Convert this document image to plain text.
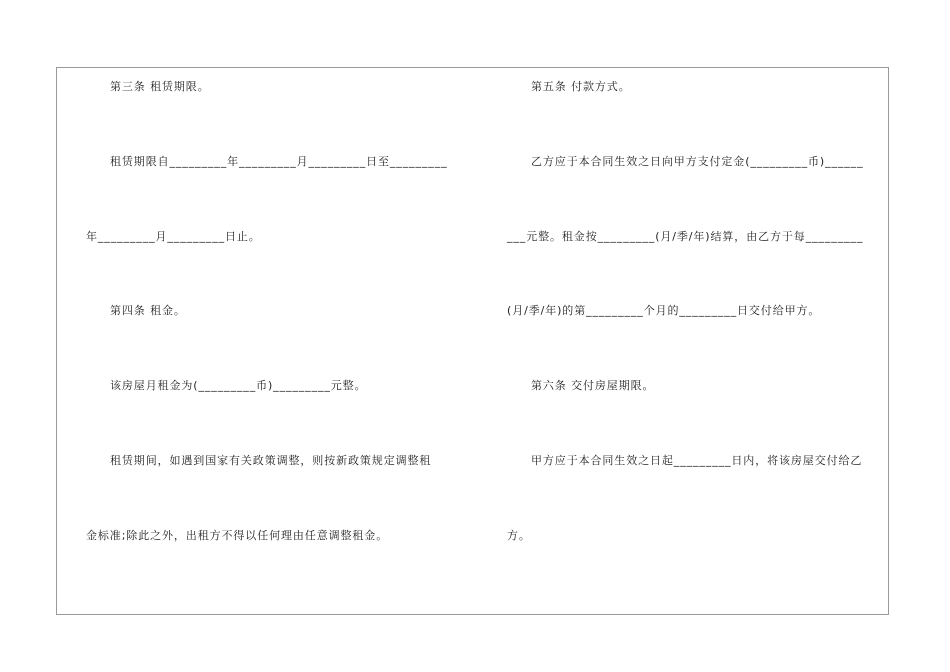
第三条 租赁期限。
租赁期限自_________年_________月_________日至_________
年_________月_________日止。
第四条 租金。
该房屋月租金为(_________币)_________元整。
租赁期间，如遇到国家有关政策调整，则按新政策规定调整租
金标准;除此之外，出租方不得以任何理由任意调整租金。
第五条 付款方式。
乙方应于本合同生效之日向甲方支付定金(_________币)______
___元整。租金按_________(月/季/年)结算，由乙方于每_________
(月/季/年)的第_________个月的_________日交付给甲方。
第六条 交付房屋期限。
甲方应于本合同生效之日起_________日内，将该房屋交付给乙
方。
